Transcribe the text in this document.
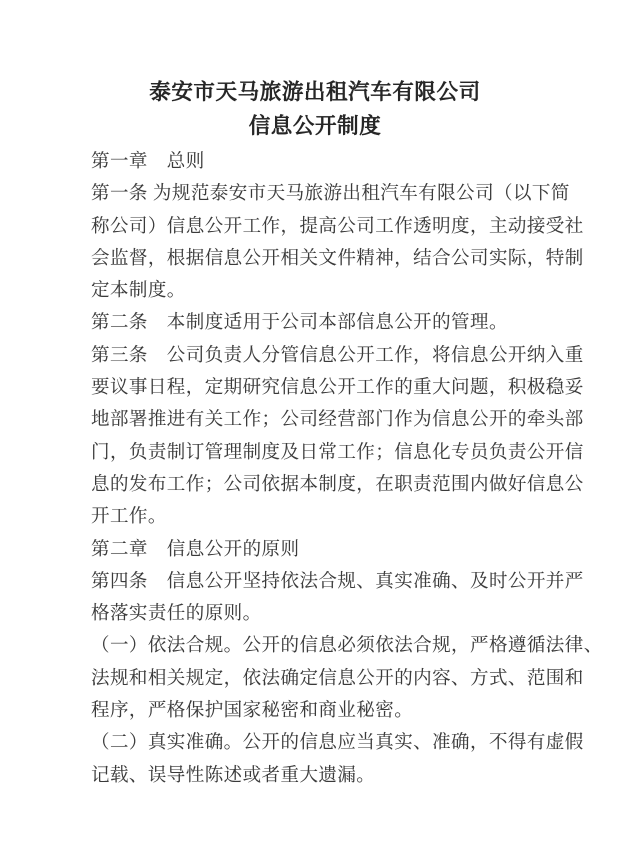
泰安市天马旅游出租汽车有限公司
信息公开制度
第一章　总则
第一条 为规范泰安市天马旅游出租汽车有限公司（以下简
称公司）信息公开工作，提高公司工作透明度，主动接受社
会监督，根据信息公开相关文件精神，结合公司实际，特制
定本制度。
第二条　本制度适用于公司本部信息公开的管理。
第三条　公司负责人分管信息公开工作，将信息公开纳入重
要议事日程，定期研究信息公开工作的重大问题，积极稳妥
地部署推进有关工作；公司经营部门作为信息公开的牵头部
门，负责制订管理制度及日常工作；信息化专员负责公开信
息的发布工作；公司依据本制度，在职责范围内做好信息公
开工作。
第二章　信息公开的原则
第四条　信息公开坚持依法合规、真实准确、及时公开并严
格落实责任的原则。
（一）依法合规。公开的信息必须依法合规，严格遵循法律、
法规和相关规定，依法确定信息公开的内容、方式、范围和
程序，严格保护国家秘密和商业秘密。
（二）真实准确。公开的信息应当真实、准确，不得有虚假
记载、误导性陈述或者重大遗漏。
